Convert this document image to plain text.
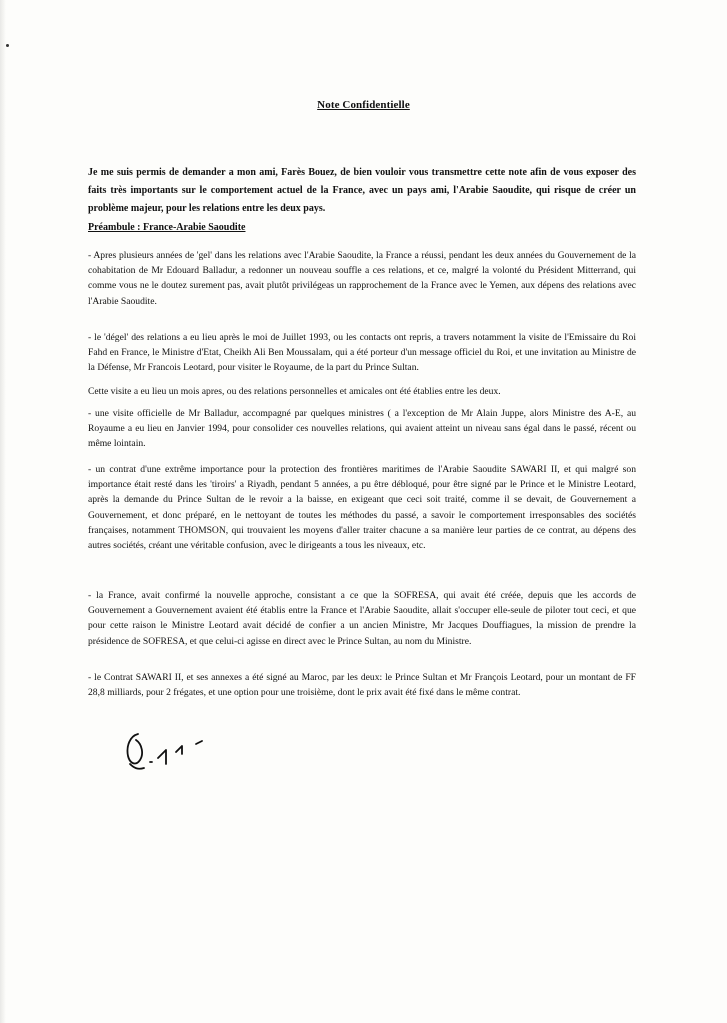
Note Confidentielle
Je me suis permis de demander a mon ami, Farès Bouez, de bien vouloir vous transmettre cette note afin de vous exposer des faits très importants sur le comportement actuel de la France, avec un pays ami, l'Arabie Saoudite, qui risque de créer un problème majeur, pour les relations entre les deux pays.
Préambule : France-Arabie Saoudite
- Apres plusieurs années de 'gel' dans les relations avec l'Arabie Saoudite, la France a réussi, pendant les deux années du Gouvernement de la cohabitation de Mr Edouard Balladur, a redonner un nouveau souffle a ces relations, et ce, malgré la volonté du Président Mitterrand, qui comme vous ne le doutez surement pas, avait plutôt privilégeas un rapprochement de la France avec le Yemen, aux dépens des relations avec l'Arabie Saoudite.
- le 'dégel' des relations a eu lieu après le moi de Juillet 1993, ou les contacts ont repris, a travers notamment la visite de l'Emissaire du Roi Fahd en France, le Ministre d'Etat, Cheikh Ali Ben Moussalam, qui a été porteur d'un message officiel du Roi, et une invitation au Ministre de la Défense, Mr Francois Leotard, pour visiter le Royaume, de la part du Prince Sultan.
Cette visite a eu lieu un mois apres, ou des relations personnelles et amicales ont été établies entre les deux.
- une visite officielle de Mr Balladur, accompagné par quelques ministres ( a l'exception de Mr Alain Juppe, alors Ministre des A-E, au Royaume a eu lieu en Janvier 1994, pour consolider ces nouvelles relations, qui avaient atteint un niveau sans égal dans le passé, récent ou même lointain.
- un contrat d'une extrême importance pour la protection des frontières maritimes de l'Arabie Saoudite SAWARI II, et qui malgré son importance était resté dans les 'tiroirs' a Riyadh, pendant 5 années, a pu être débloqué, pour être signé par le Prince et le Ministre Leotard, après la demande du Prince Sultan de le revoir a la baisse, en exigeant que ceci soit traité, comme il se devait, de Gouvernement a Gouvernement, et donc préparé, en le nettoyant de toutes les méthodes du passé, a savoir le comportement irresponsables des sociétés françaises, notamment THOMSON, qui trouvaient les moyens d'aller traiter chacune a sa manière leur parties de ce contrat, au dépens des autres sociétés, créant une véritable confusion, avec le dirigeants a tous les niveaux, etc.
- la France, avait confirmé la nouvelle approche, consistant a ce que la SOFRESA, qui avait été créée, depuis que les accords de Gouvernement a Gouvernement avaient été établis entre la France et l'Arabie Saoudite, allait s'occuper elle-seule de piloter tout ceci, et que pour cette raison le Ministre Leotard avait décidé de confier a un ancien Ministre, Mr Jacques Douffiagues, la mission de prendre la présidence de SOFRESA, et que celui-ci agisse en direct avec le Prince Sultan, au nom du Ministre.
- le Contrat SAWARI II, et ses annexes a été signé au Maroc, par les deux: le Prince Sultan et Mr François Leotard, pour un montant de FF 28,8 milliards, pour 2 frégates, et une option pour une troisième, dont le prix avait été fixé dans le même contrat.
